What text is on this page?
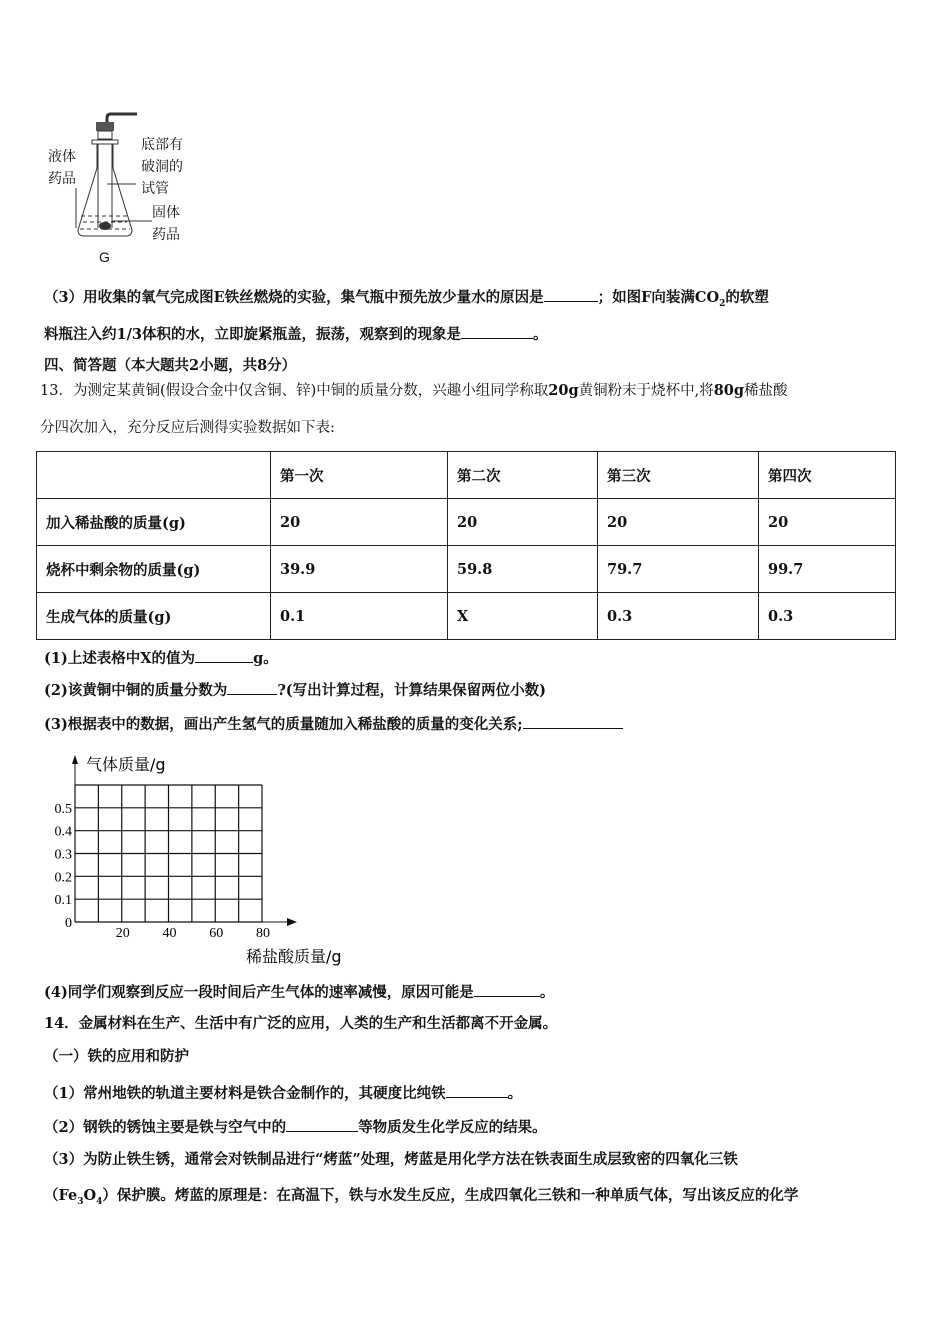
液体
药品
底部有
破洞的
试管
固体
药品
G
（3）用收集的氧气完成图E铁丝燃烧的实验，集气瓶中预先放少量水的原因是	；如图F向装满$CO_2$的软塑
料瓶注入约1/3体积的水，立即旋紧瓶盖，振荡，观察到的现象是	。
四、简答题（本大题共2小题，共8分）
13．为测定某黄铜(假设合金中仅含铜、锌)中铜的质量分数，兴趣小组同学称取20g黄铜粉末于烧杯中,将80g稀盐酸
分四次加入，充分反应后测得实验数据如下表:
	第一次	第二次	第三次	第四次
加入稀盐酸的质量(g)	20	20	20	20
烧杯中剩余物的质量(g)	39.9	59.8	79.7	99.7
生成气体的质量(g)	0.1	X	0.3	0.3
(1)上述表格中X的值为	g。
(2)该黄铜中铜的质量分数为	?(写出计算过程，计算结果保留两位小数)
(3)根据表中的数据，画出产生氢气的质量随加入稀盐酸的质量的变化关系;
0
0.1
0.2
0.3
0.4
0.5
20 40 60 80
气体质量/g
稀盐酸质量/g
(4)同学们观察到反应一段时间后产生气体的速率减慢，原因可能是	。
14．金属材料在生产、生活中有广泛的应用，人类的生产和生活都离不开金属。
（一）铁的应用和防护
（1）常州地铁的轨道主要材料是铁合金制作的，其硬度比纯铁	。
（2）钢铁的锈蚀主要是铁与空气中的	等物质发生化学反应的结果。
（3）为防止铁生锈，通常会对铁制品进行“烤蓝”处理，烤蓝是用化学方法在铁表面生成层致密的四氧化三铁
$(Fe_3O_4)$保护膜。烤蓝的原理是：在高温下，铁与水发生反应，生成四氧化三铁和一种单质气体，写出该反应的化学
